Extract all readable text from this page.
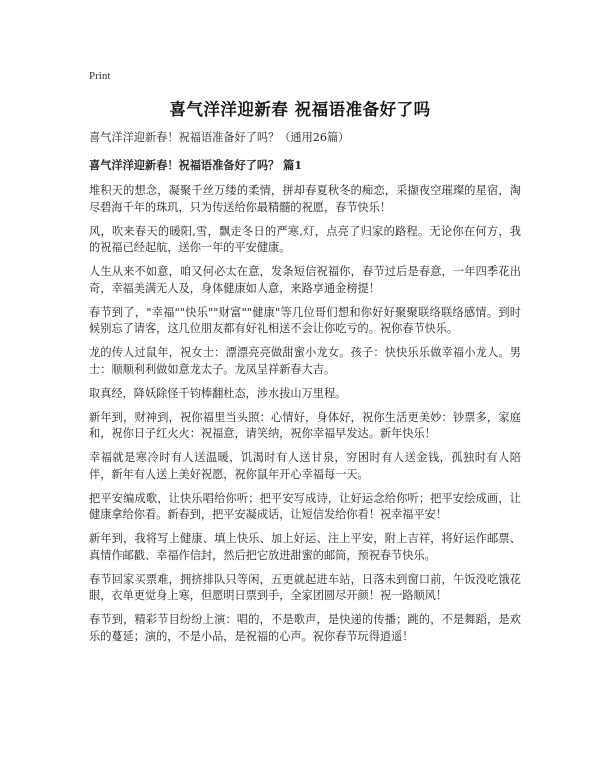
Print
喜气洋洋迎新春 祝福语准备好了吗

喜气洋洋迎新春！祝福语准备好了吗？（通用26篇）

喜气洋洋迎新春！祝福语准备好了吗？ 篇1

堆积天的想念，凝聚千丝万缕的柔情，拼却春夏秋冬的痴恋，采撷夜空璀璨的星宿，淘尽碧海千年的珠玑，只为传送给你最精髓的祝愿，春节快乐！

风，吹来春天的暖阳,雪，飘走冬日的严寒,灯，点亮了归家的路程。无论你在何方，我的祝福已经起航，送你一年的平安健康。

人生从来不如意，咱又何必太在意，发条短信祝福你，春节过后是春意，一年四季花出奇，幸福美满无人及，身体健康如人意，来路享通金榜提！

春节到了，"幸福""快乐""财富""健康"等几位哥们想和你好好聚聚联络联络感情。到时候别忘了请客，这几位朋友都有好礼相送不会让你吃亏的。祝你春节快乐。

龙的传人过鼠年，祝女士：漂漂亮亮做甜蜜小龙女。孩子：快快乐乐做幸福小龙人。男士：顺顺利利做如意龙太子。龙凤呈祥新春大吉。

取真经，降妖除怪千钧棒翻杜态，涉水拔山万里程。

新年到，财神到，祝你福里当头照：心情好，身体好，祝你生活更美妙：钞票多，家庭和，祝你日子红火火：祝福意，请笑纳，祝你幸福早发达。新年快乐！

幸福就是寒冷时有人送温暖，饥渴时有人送甘泉，穷困时有人送金钱，孤独时有人陪伴，新年有人送上美好祝愿，祝你鼠年开心幸福每一天。

把平安编成歌，让快乐唱给你听；把平安写成诗，让好运念给你听；把平安绘成画，让健康拿给你看。新春到，把平安凝成话，让短信发给你看！祝幸福平安！

新年到，我将写上健康、填上快乐、加上好运、注上平安，附上吉祥，将好运作邮票、真情作邮戳、幸福作信封，然后把它放进甜蜜的邮筒，预祝春节快乐。

春节回家买票难，拥挤排队只等闲，五更就起进车站，日落未到窗口前，午饭没吃饿花眼，衣单更觉身上寒，但愿明日票到手，全家团圆尽开颜！祝一路顺风！

春节到，精彩节目纷纷上演：唱的，不是歌声，是快递的传播；跳的，不是舞蹈，是欢乐的蔓延；演的，不是小品，是祝福的心声。祝你春节玩得逍遥！
